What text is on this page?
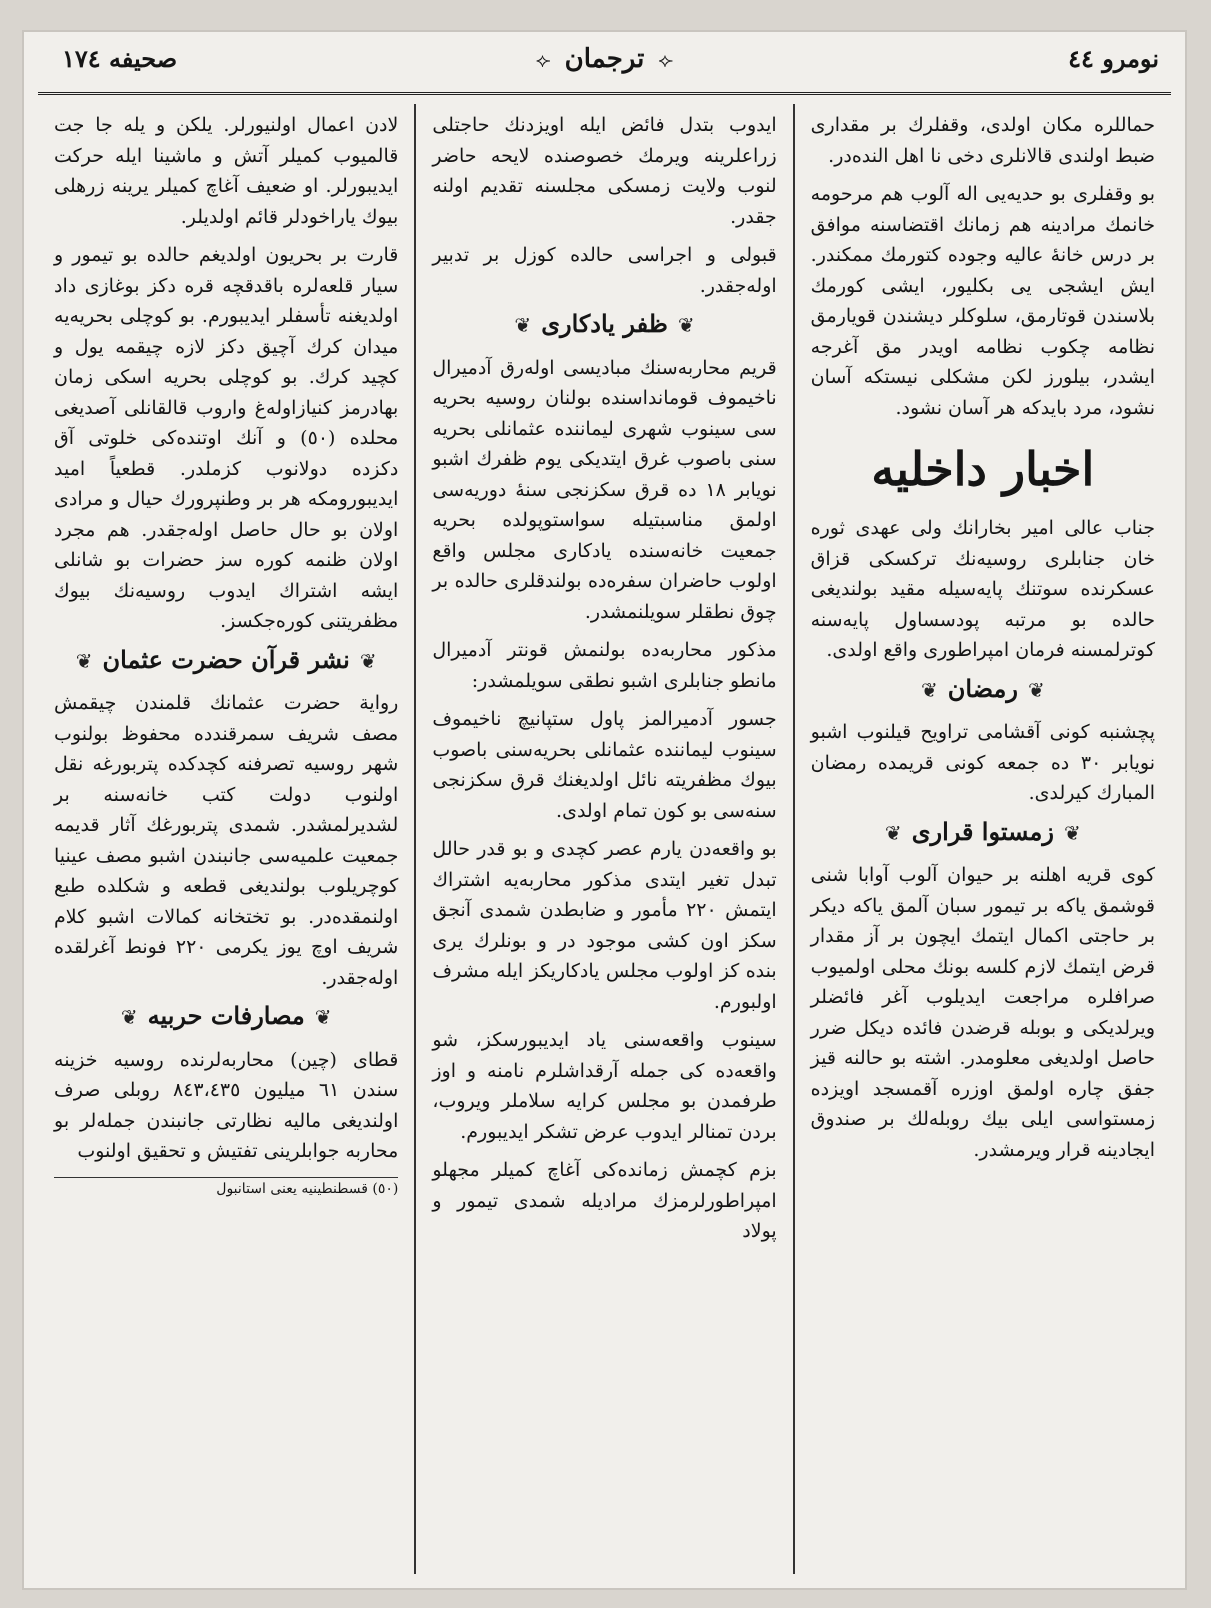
نومرو ٤٤
⟢ ترجمان ⟢
صحيفه ١٧٤

حماللره مكان اولدى، وقفلرك بر مقدارى ضبط اولندى قالانلرى دخى نا اهل النده‌در.

بو وقفلرى بو حديه‌يى اله آلوب هم مرحومه خانمك مرادينه هم زمانك اقتضاسنه موافق بر درس خانهٔ عاليه وجوده كتورمك ممكندر. ايش ايشجى يى بكليور، ايشى كورمك بلاسندن قوتارمق، سلوكلر ديشندن قويارمق نظامه چكوب نظامه اويدر مق آغرجه ايشدر، بيلورز لكن مشكلى نيستكه آسان نشود، مرد بايدكه هر آسان نشود.

اخبار داخليه

جناب عالى امير بخارانك ولى عهدى ثوره خان جنابلرى روسيه‌نك تركسكى قزاق عسكرنده سوتنك پايه‌سيله مقيد بولنديغى حالده بو مرتبه پودسساول پايه‌سنه كوترلمسنه فرمان امپراطورى واقع اولدى.

❦رمضان❦

پچشنبه كونى آقشامى تراويح قيلنوب اشبو نويابر ٣٠ ده جمعه كونى قريمده رمضان المبارك كيرلدى.

❦زمستوا قرارى❦

كوى قريه اهلنه بر حيوان آلوب آوابا شنى قوشمق ياكه بر تيمور سبان آلمق ياكه ديكر بر حاجتى اكمال ايتمك ايچون بر آز مقدار قرض ايتمك لازم كلسه بونك محلى اولميوب صرافلره مراجعت ايديلوب آغر فائضلر ويرلديكى و بوبله قرضدن فائده ديكل ضرر حاصل اولديغى معلومدر. اشته بو حالنه قيز جفق چاره اولمق اوزره آقمسجد اويزده زمستواسى ايلى بيك روبله‌لك بر صندوق ايجادينه قرار ويرمشدر.

ايدوب بتدل فائض ايله اويزدنك حاجتلى زراعلرينه ويرمك خصوصنده لايحه حاضر لنوب ولايت زمسكى مجلسنه تقديم اولنه جقدر.

قبولى و اجراسى حالده كوزل بر تدبير اوله‌جقدر.

❦ظفر يادكارى❦

قريم محاربه‌سنك مبادیسی اوله‌رق آدميرال ناخيموف قومانداسنده بولنان روسيه بحريه سى سينوب شهرى ليماننده عثمانلى بحريه سنى باصوب غرق ايتديكى يوم ظفرك اشبو نويابر ١٨ ده قرق سكزنجى سنهٔ دوريه‌سى اولمق مناسبتيله سواستوپولده بحريه جمعيت خانه‌سنده يادكارى مجلس واقع اولوب حاضران سفره‌ده بولندقلرى حالده بر چوق نطقلر سويلنمشدر.

مذكور محاربه‌ده بولنمش قونتر آدميرال مانطو جنابلرى اشبو نطقى سويلمشدر:

جسور آدميرالمز پاول ستپانيچ ناخيموف سينوب ليماننده عثمانلى بحريه‌سنى باصوب بيوك مظفريته نائل اولديغنك قرق سكزنجى سنه‌سى بو كون تمام اولدى.

بو واقعه‌دن يارم عصر كچدى و بو قدر حالل تبدل تغير ايتدى مذكور محاربه‌يه اشتراك ايتمش ٢٢٠ مأمور و ضابطدن شمدى آنجق سكز اون كشى موجود در و بونلرك يرى بنده كز اولوب مجلس يادكاريكز ايله مشرف اولبورم.

سينوب واقعه‌سنى ياد ايديبورسكز، شو واقعه‌ده كى جمله آرقداشلرم نامنه و اوز طرفمدن بو مجلس كرايه سلاملر ويروب، بردن تمنالر ايدوب عرض تشكر ايديبورم.

بزم كچمش زمانده‌كى آغاچ كميلر مجهلو امپراطورلرمزك مراديله شمدى تيمور و پولاد

لادن اعمال اولنيورلر. يلكن و يله جا جت قالميوب كميلر آتش و ماشينا ايله حركت ايديبورلر. او ضعيف آغاچ كميلر يرينه زرهلى بيوك ياراخودلر قائم اولديلر.

قارت بر بحريون اولديغم حالده بو تيمور و سيار قلعه‌لره باقدقچه قره دكز بوغازى داد اولديغنه تأسفلر ايديبورم. بو كوچلى بحريه‌يه ميدان كرك آچيق دكز لازه چيقمه يول و كچيد كرك. بو كوچلى بحريه اسكى زمان بهادرمز كنيازاوله‌غ واروب قالقانلى آصديغى محلده (٥٠) و آنك اوتنده‌كى خلوتى آق دكزده دولانوب كزملدر. قطعياً اميد ايديبورومكه هر بر وطنپرورك حيال و مرادى اولان بو حال حاصل اوله‌جقدر. هم مجرد اولان ظنمه كوره سز حضرات بو شانلى ايشه اشتراك ايدوب روسيه‌نك بيوك مظفريتنى كوره‌جكسز.

❦نشر قرآن حضرت عثمان❦

رواية حضرت عثمانك قلمندن چيقمش مصف شريف سمرقندده محفوظ بولنوب شهر روسيه تصرفنه كچدكده پتربورغه نقل اولنوب دولت كتب خانه‌سنه بر لشديرلمشدر. شمدى پتربورغك آثار قديمه جمعيت علميه‌سى جانبندن اشبو مصف عينيا كوچريلوب بولنديغى قطعه و شكلده طبع اولنمقده‌در. بو تختخانه كمالات اشبو كلام شريف اوچ يوز يكرمى ٢٢٠ فونط آغرلقده اوله‌جقدر.

❦مصارفات حربيه❦

قطاى (چين) محاربه‌لرنده روسيه خزينه سندن ٦١ ميليون ٨٤٣،٤٣٥ روبلى صرف اولنديغى ماليه نظارتى جانبندن جمله‌لر بو محاربه جوابلرينى تفتيش و تحقيق اولنوب

(٥٠) قسطنطينيه يعنى استانبول
